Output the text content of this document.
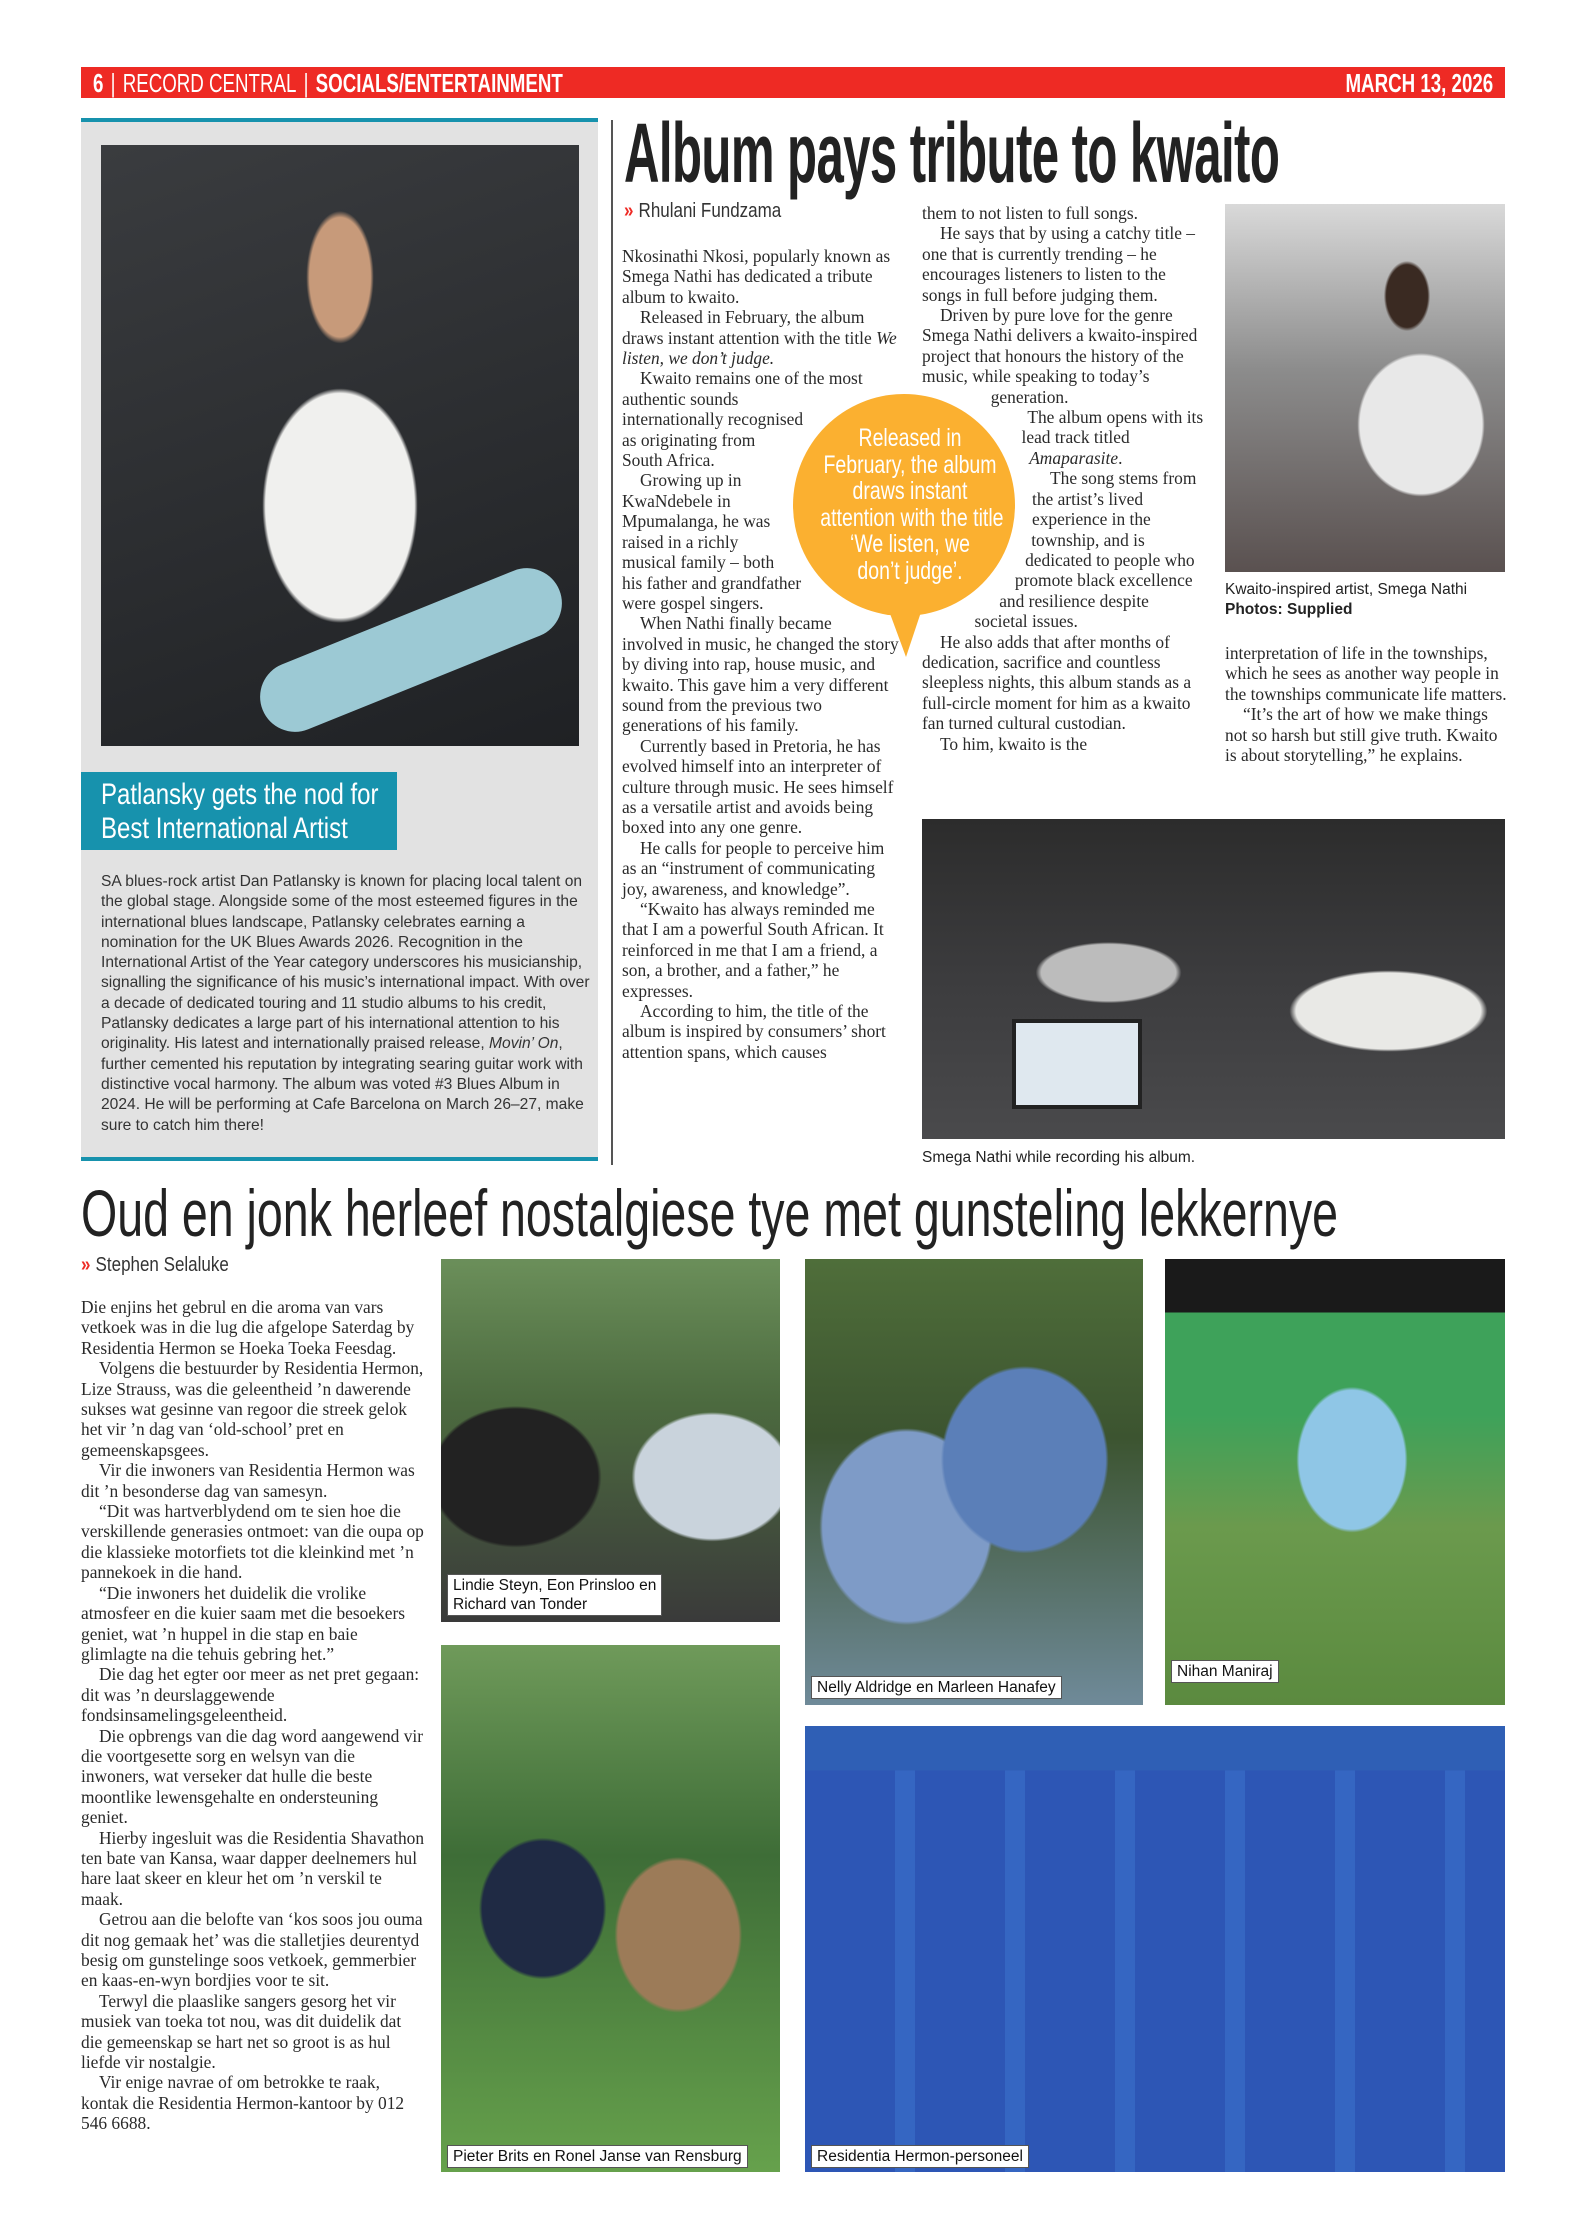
6 | RECORD CENTRAL | SOCIALS/ENTERTAINMENT	MARCH 13, 2026
Patlansky gets the nod for
Best International Artist
SA blues-rock artist Dan Patlansky is known for placing local talent on the global stage. Alongside some of the most esteemed figures in the international blues landscape, Patlansky celebrates earning a nomination for the UK Blues Awards 2026. Recognition in the International Artist of the Year category underscores his musicianship, signalling the significance of his music’s international impact. With over a decade of dedicated touring and 11 studio albums to his credit, Patlansky dedicates a large part of his international attention to his originality. His latest and internationally praised release, Movin’ On, further cemented his reputation by integrating searing guitar work with distinctive vocal harmony. The album was voted #3 Blues Album in 2024. He will be performing at Cafe Barcelona on March 26–27, make sure to catch him there!
Album pays tribute to kwaito
» Rhulani Fundzama

Nkosinathi Nkosi, popularly known as Smega Nathi has dedicated a tribute album to kwaito.

Released in February, the album draws instant attention with the title We listen, we don’t judge.

Kwaito remains one of the most authentic sounds internationally recognised as originating from South Africa.

Growing up in KwaNdebele in Mpumalanga, he was raised in a richly musical family – both his father and grandfather were gospel singers.

When Nathi finally became involved in music, he changed the story by diving into rap, house music, and kwaito. This gave him a very different sound from the previous two generations of his family.

Currently based in Pretoria, he has evolved himself into an interpreter of culture through music. He sees himself as a versatile artist and avoids being boxed into any one genre.

He calls for people to perceive him as an “instrument of communicating joy, awareness, and knowledge”.

“Kwaito has always reminded me that I am a powerful South African. It reinforced in me that I am a friend, a son, a brother, and a father,” he expresses.

According to him, the title of the album is inspired by consumers’ short attention spans, which causes

them to not listen to full songs.

He says that by using a catchy title – one that is currently trending – he encourages listeners to listen to the songs in full before judging them.

Driven by pure love for the genre Smega Nathi delivers a kwaito-inspired project that honours the history of the music, while speaking to today’s generation.

The album opens with its lead track titled Amaparasite.

The song stems from the artist’s lived experience in the township, and is dedicated to people who promote black excellence and resilience despite societal issues.

He also adds that after months of dedication, sacrifice and countless sleepless nights, this album stands as a full-circle moment for him as a kwaito fan turned cultural custodian.

To him, kwaito is the

Released in
February, the album
draws instant
attention with the title
‘We listen, we
don’t judge’.
Kwaito-inspired artist, Smega Nathi
Photos: Supplied

interpretation of life in the townships, which he sees as another way people in the townships communicate life matters.

“It’s the art of how we make things not so harsh but still give truth. Kwaito is about storytelling,” he explains.

Smega Nathi while recording his album.
Oud en jonk herleef nostalgiese tye met gunsteling lekkernye
» Stephen Selaluke

Die enjins het gebrul en die aroma van vars vetkoek was in die lug die afgelope Saterdag by Residentia Hermon se Hoeka Toeka Feesdag.

Volgens die bestuurder by Residentia Hermon, Lize Strauss, was die geleentheid ’n dawerende sukses wat gesinne van regoor die streek gelok het vir ’n dag van ‘old-school’ pret en gemeenskapsgees.

Vir die inwoners van Residentia Hermon was dit ’n besonderse dag van samesyn.

“Dit was hartverblydend om te sien hoe die verskillende generasies ontmoet: van die oupa op die klassieke motorfiets tot die kleinkind met ’n pannekoek in die hand.

“Die inwoners het duidelik die vrolike atmosfeer en die kuier saam met die besoekers geniet, wat ’n huppel in die stap en baie glimlagte na die tehuis gebring het.”

Die dag het egter oor meer as net pret gegaan: dit was ’n deurslaggewende fondsinsamelingsgeleentheid.

Die opbrengs van die dag word aangewend vir die voortgesette sorg en welsyn van die inwoners, wat verseker dat hulle die beste moontlike lewensgehalte en ondersteuning geniet.

Hierby ingesluit was die Residentia Shavathon ten bate van Kansa, waar dapper deelnemers hul hare laat skeer en kleur het om ’n verskil te maak.

Getrou aan die belofte van ‘kos soos jou ouma dit nog gemaak het’ was die stalletjies deurentyd besig om gunstelinge soos vetkoek, gemmerbier en kaas-en-wyn bordjies voor te sit.

Terwyl die plaaslike sangers gesorg het vir musiek van toeka tot nou, was dit duidelik dat die gemeenskap se hart net so groot is as hul liefde vir nostalgie.

Vir enige navrae of om betrokke te raak, kontak die Residentia Hermon-kantoor by 012 546 6688.

Lindie Steyn, Eon Prinsloo en
Richard van Tonder
Nelly Aldridge en Marleen Hanafey
Nihan Maniraj
Pieter Brits en Ronel Janse van Rensburg	Residentia Hermon-personeel
